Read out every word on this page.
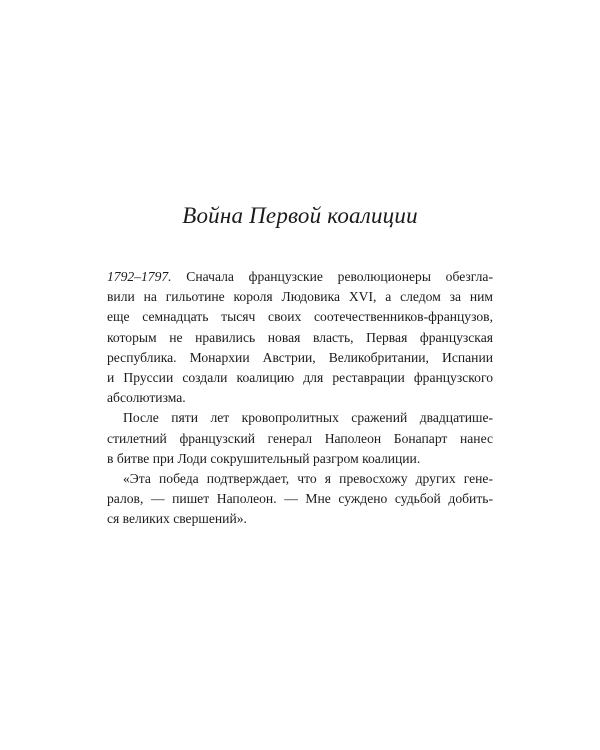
Война Первой коалиции
1792–1797. Сначала французские революционеры обезгла-
вили на гильотине короля Людовика XVI, а следом за ним
еще семнадцать тысяч своих соотечественников-французов,
которым не нравились новая власть, Первая французская
республика. Монархии Австрии, Великобритании, Испании
и Пруссии создали коалицию для реставрации французского
абсолютизма.
После пяти лет кровопролитных сражений двадцатише-
стилетний французский генерал Наполеон Бонапарт нанес
в битве при Лоди сокрушительный разгром коалиции.
«Эта победа подтверждает, что я превосхожу других гене-
ралов, — пишет Наполеон. — Мне суждено судьбой добить-
ся великих свершений».
